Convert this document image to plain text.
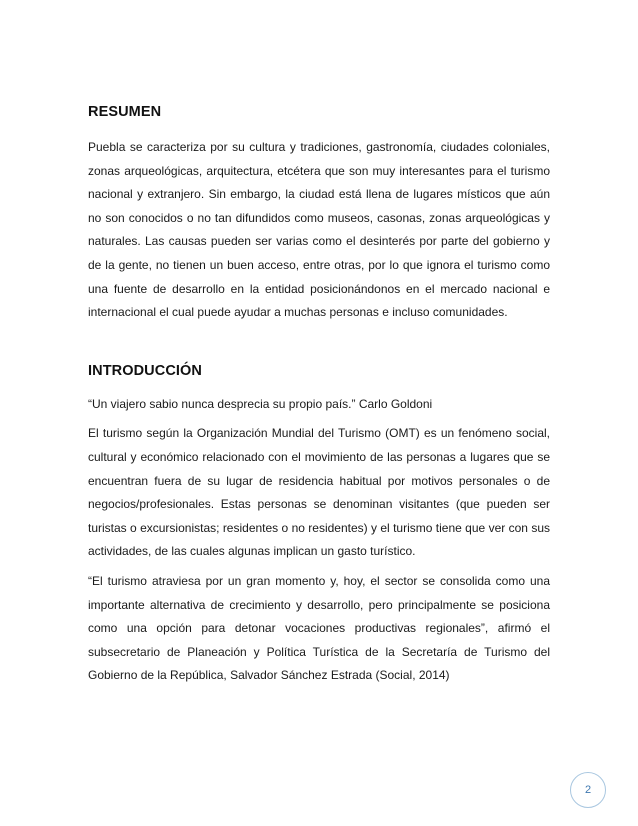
RESUMEN

Puebla se caracteriza por su cultura y tradiciones, gastronomía, ciudades coloniales, zonas arqueológicas, arquitectura, etcétera que son muy interesantes para el turismo nacional y extranjero. Sin embargo, la ciudad está llena de lugares místicos que aún no son conocidos o no tan difundidos como museos, casonas, zonas arqueológicas y naturales. Las causas pueden ser varias como el desinterés por parte del gobierno y de la gente, no tienen un buen acceso, entre otras, por lo que ignora el turismo como una fuente de desarrollo en la entidad posicionándonos en el mercado nacional e internacional el cual puede ayudar a muchas personas e incluso comunidades.

INTRODUCCIÓN

“Un viajero sabio nunca desprecia su propio país.” Carlo Goldoni

El turismo según la Organización Mundial del Turismo (OMT) es un fenómeno social, cultural y económico relacionado con el movimiento de las personas a lugares que se encuentran fuera de su lugar de residencia habitual por motivos personales o de negocios/profesionales. Estas personas se denominan visitantes (que pueden ser turistas o excursionistas; residentes o no residentes) y el turismo tiene que ver con sus actividades, de las cuales algunas implican un gasto turístico.

“El turismo atraviesa por un gran momento y, hoy, el sector se consolida como una importante alternativa de crecimiento y desarrollo, pero principalmente se posiciona como una opción para detonar vocaciones productivas regionales”, afirmó el subsecretario de Planeación y Política Turística de la Secretaría de Turismo del Gobierno de la República, Salvador Sánchez Estrada (Social, 2014)

2
